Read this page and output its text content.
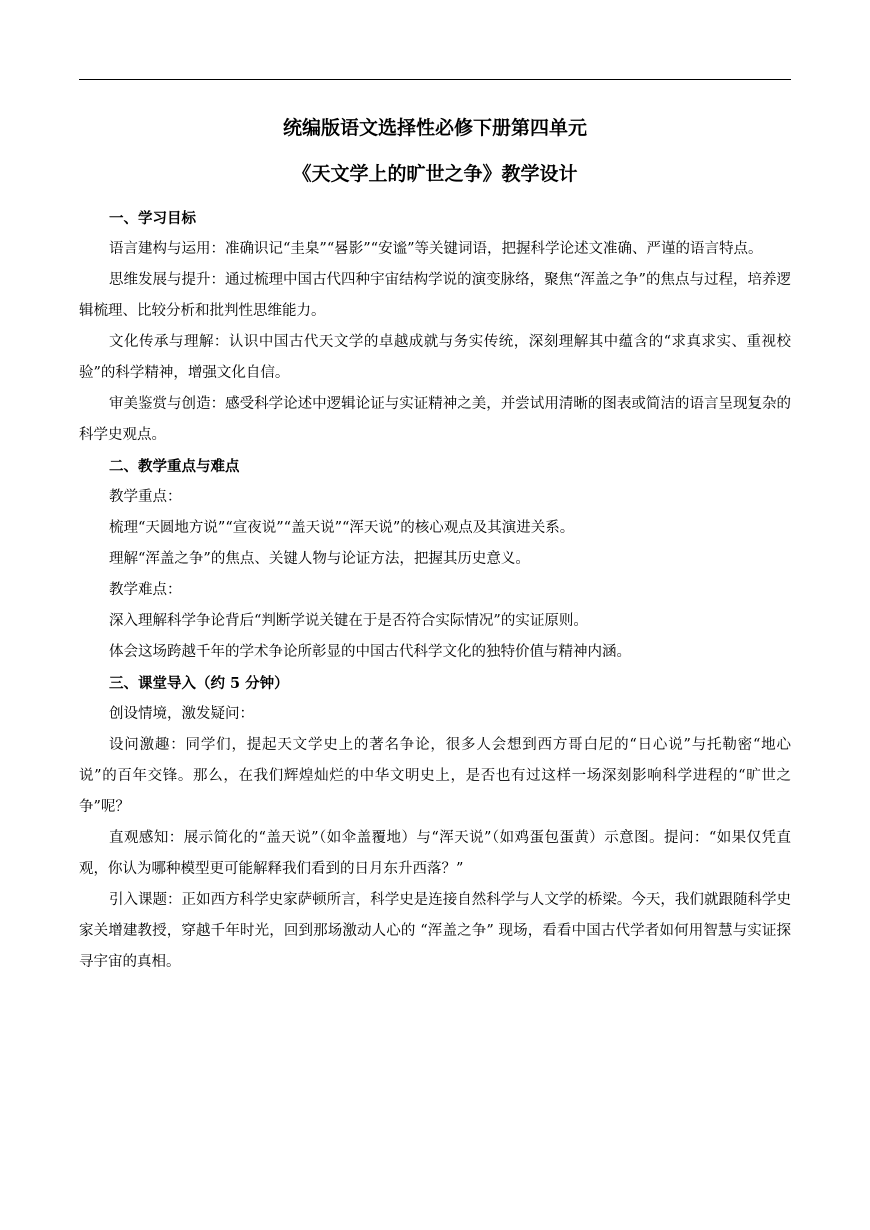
统编版语文选择性必修下册第四单元
《天文学上的旷世之争》教学设计

一、学习目标

语言建构与运用：准确识记“圭臬”“晷影”“安谧”等关键词语，把握科学论述文准确、严谨的语言特点。

思维发展与提升：通过梳理中国古代四种宇宙结构学说的演变脉络，聚焦“浑盖之争”的焦点与过程，培养逻辑梳理、比较分析和批判性思维能力。

文化传承与理解：认识中国古代天文学的卓越成就与务实传统，深刻理解其中蕴含的“求真求实、重视校验”的科学精神，增强文化自信。

审美鉴赏与创造：感受科学论述中逻辑论证与实证精神之美，并尝试用清晰的图表或简洁的语言呈现复杂的科学史观点。

二、教学重点与难点

教学重点：

梳理“天圆地方说”“宣夜说”“盖天说”“浑天说”的核心观点及其演进关系。

理解“浑盖之争”的焦点、关键人物与论证方法，把握其历史意义。

教学难点：

深入理解科学争论背后“判断学说关键在于是否符合实际情况”的实证原则。

体会这场跨越千年的学术争论所彰显的中国古代科学文化的独特价值与精神内涵。

三、课堂导入（约 5 分钟）

创设情境，激发疑问：

设问激趣：同学们，提起天文学史上的著名争论，很多人会想到西方哥白尼的“日心说”与托勒密“地心说”的百年交锋。那么，在我们辉煌灿烂的中华文明史上，是否也有过这样一场深刻影响科学进程的“旷世之争”呢？

直观感知：展示简化的“盖天说”（如伞盖覆地）与“浑天说”（如鸡蛋包蛋黄）示意图。提问：“如果仅凭直观，你认为哪种模型更可能解释我们看到的日月东升西落？”

引入课题：正如西方科学史家萨顿所言，科学史是连接自然科学与人文学的桥梁。今天，我们就跟随科学史家关增建教授，穿越千年时光，回到那场激动人心的 “浑盖之争” 现场，看看中国古代学者如何用智慧与实证探寻宇宙的真相。
